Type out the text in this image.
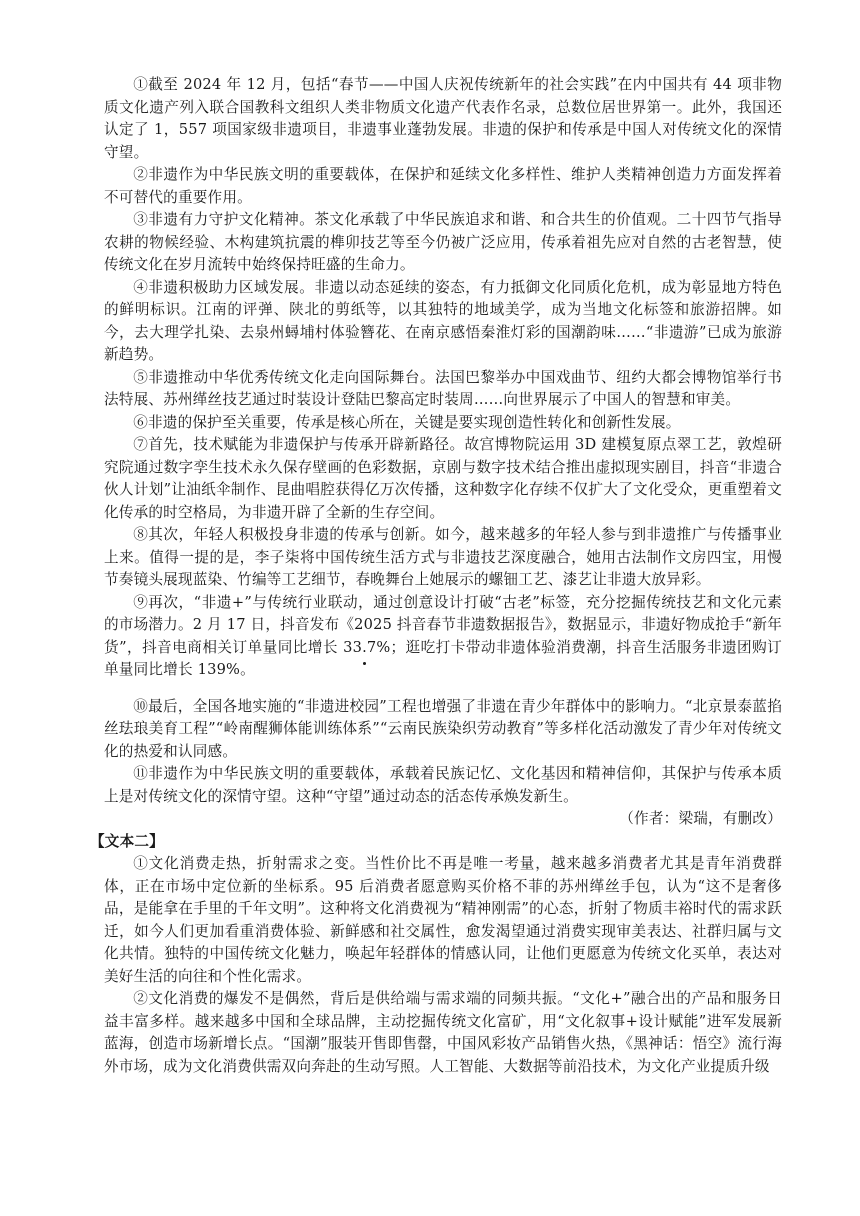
①截至 2024 年 12 月，包括“春节——中国人庆祝传统新年的社会实践”在内中国共有 44 项非物质文化遗产列入联合国教科文组织人类非物质文化遗产代表作名录，总数位居世界第一。此外，我国还认定了 1，557 项国家级非遗项目，非遗事业蓬勃发展。非遗的保护和传承是中国人对传统文化的深情守望。

②非遗作为中华民族文明的重要载体，在保护和延续文化多样性、维护人类精神创造力方面发挥着不可替代的重要作用。

③非遗有力守护文化精神。茶文化承载了中华民族追求和谐、和合共生的价值观。二十四节气指导农耕的物候经验、木构建筑抗震的榫卯技艺等至今仍被广泛应用，传承着祖先应对自然的古老智慧，使传统文化在岁月流转中始终保持旺盛的生命力。

④非遗积极助力区域发展。非遗以动态延续的姿态，有力抵御文化同质化危机，成为彰显地方特色的鲜明标识。江南的评弹、陕北的剪纸等，以其独特的地域美学，成为当地文化标签和旅游招牌。如今，去大理学扎染、去泉州蟳埔村体验簪花、在南京感悟秦淮灯彩的国潮韵味……“非遗游”已成为旅游新趋势。

⑤非遗推动中华优秀传统文化走向国际舞台。法国巴黎举办中国戏曲节、纽约大都会博物馆举行书法特展、苏州缂丝技艺通过时装设计登陆巴黎高定时装周……向世界展示了中国人的智慧和审美。

⑥非遗的保护至关重要，传承是核心所在，关键是要实现创造性转化和创新性发展。

⑦首先，技术赋能为非遗保护与传承开辟新路径。故宫博物院运用 3D 建模复原点翠工艺，敦煌研究院通过数字孪生技术永久保存壁画的色彩数据，京剧与数字技术结合推出虚拟现实剧目，抖音“非遗合伙人计划”让油纸伞制作、昆曲唱腔获得亿万次传播，这种数字化存续不仅扩大了文化受众，更重塑着文化传承的时空格局，为非遗开辟了全新的生存空间。

⑧其次，年轻人积极投身非遗的传承与创新。如今，越来越多的年轻人参与到非遗推广与传播事业上来。值得一提的是，李子柒将中国传统生活方式与非遗技艺深度融合，她用古法制作文房四宝，用慢节奏镜头展现蓝染、竹编等工艺细节，春晚舞台上她展示的螺钿工艺、漆艺让非遗大放异彩。

⑨再次，“非遗+”与传统行业联动，通过创意设计打破“古老”标签，充分挖掘传统技艺和文化元素的市场潜力。2 月 17 日，抖音发布《2025 抖音春节非遗数据报告》，数据显示，非遗好物成抢手“新年货”，抖音电商相关订单量同比增长 33.
7%；逛吃打卡带动非遗体验消费潮，抖音生活服务非遗团购订单量同比增长 139%。

⑩最后，全国各地实施的“非遗进校园”工程也增强了非遗在青少年群体中的影响力。“北京景泰蓝掐丝珐琅美育工程”“岭南醒狮体能训练体系”“云南民族染织劳动教育”等多样化活动激发了青少年对传统文化的热爱和认同感。

⑪非遗作为中华民族文明的重要载体，承载着民族记忆、文化基因和精神信仰，其保护与传承本质上是对传统文化的深情守望。这种“守望”通过动态的活态传承焕发新生。

（作者：梁瑞，有删改）

【文本二】

①文化消费走热，折射需求之变。当性价比不再是唯一考量，越来越多消费者尤其是青年消费群体，正在市场中定位新的坐标系。95 后消费者愿意购买价格不菲的苏州缂丝手包，认为“这不是奢侈品，是能拿在手里的千年文明”。这种将文化消费视为“精神刚需”的心态，折射了物质丰裕时代的需求跃迁，如今人们更加看重消费体验、新鲜感和社交属性，愈发渴望通过消费实现审美表达、社群归属与文化共情。独特的中国传统文化魅力，唤起年轻群体的情感认同，让他们更愿意为传统文化买单，表达对美好生活的向往和个性化需求。

②文化消费的爆发不是偶然，背后是供给端与需求端的同频共振。“文化+”融合出的产品和服务日益丰富多样。越来越多中国和全球品牌，主动挖掘传统文化富矿，用“文化叙事+设计赋能”进军发展新蓝海，创造市场新增长点。“国潮”服装开售即售罄，中国风彩妆产品销售火热，《黑神话：悟空》流行海外市场，成为文化消费供需双向奔赴的生动写照。人工智能、大数据等前沿技术，为文化产业提质升级
